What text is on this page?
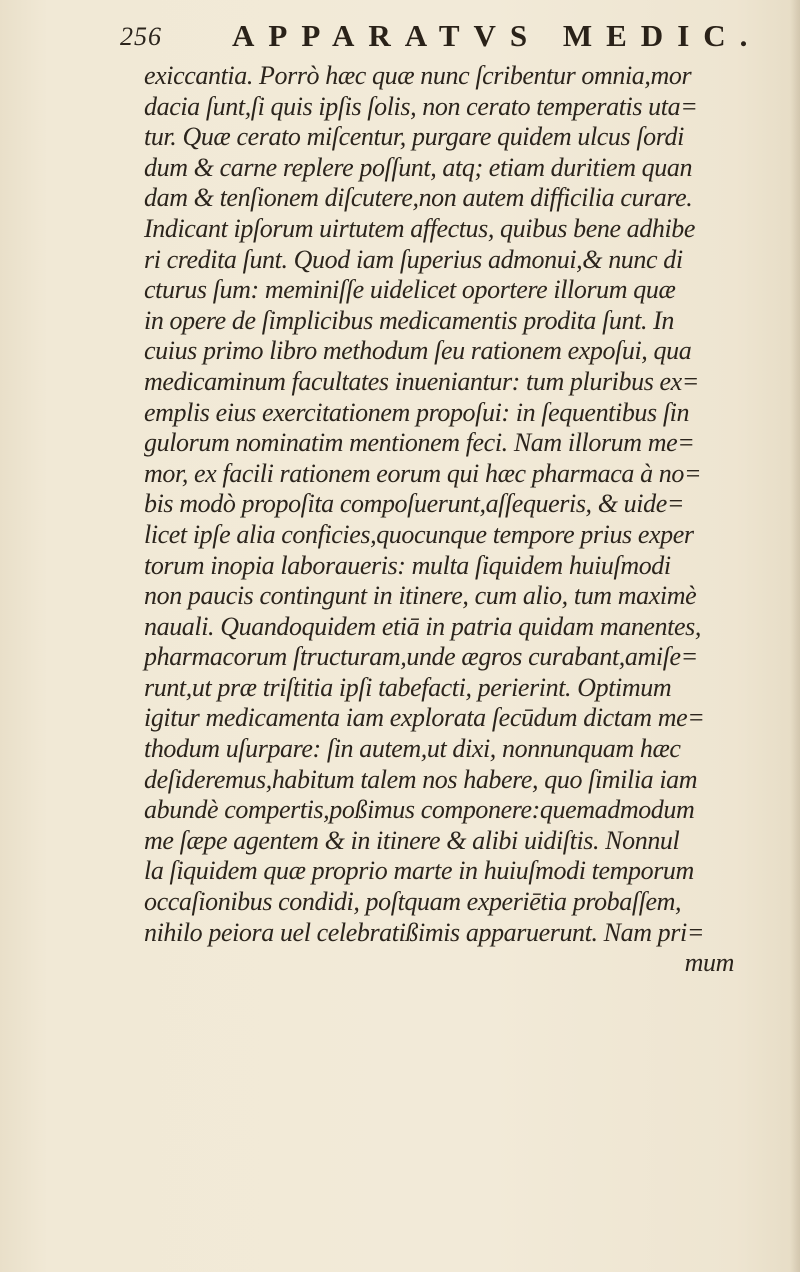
256 APPARATVS MEDIC.
exiccantia. Porrò hæc quæ nunc ſcribentur omnia,mor
dacia ſunt,ſi quis ipſis ſolis, non cerato temperatis uta=
tur. Quæ cerato miſcentur, purgare quidem ulcus ſordi
dum & carne replere poſſunt, atq; etiam duritiem quan
dam & tenſionem diſcutere,non autem difficilia curare.
Indicant ipſorum uirtutem affectus, quibus bene adhibe
ri credita ſunt. Quod iam ſuperius admonui,& nunc di
cturus ſum: meminiſſe uidelicet oportere illorum quæ
in opere de ſimplicibus medicamentis prodita ſunt. In
cuius primo libro methodum ſeu rationem expoſui, qua
medicaminum facultates inueniantur: tum pluribus ex=
emplis eius exercitationem propoſui: in ſequentibus ſin
gulorum nominatim mentionem feci. Nam illorum me=
mor, ex facili rationem eorum qui hæc pharmaca à no=
bis modò propoſita compoſuerunt,aſſequeris, & uide=
licet ipſe alia conficies,quocunque tempore prius exper
torum inopia laboraueris: multa ſiquidem huiuſmodi
non paucis contingunt in itinere, cum alio, tum maximè
nauali. Quandoquidem etiā in patria quidam manentes,
pharmacorum ſtructuram,unde ægros curabant,amiſe=
runt,ut præ triſtitia ipſi tabefacti, perierint. Optimum
igitur medicamenta iam explorata ſecūdum dictam me=
thodum uſurpare: ſin autem,ut dixi, nonnunquam hæc
deſideremus,habitum talem nos habere, quo ſimilia iam
abundè compertis,poßimus componere:quemadmodum
me ſæpe agentem & in itinere & alibi uidiſtis. Nonnul
la ſiquidem quæ proprio marte in huiuſmodi temporum
occaſionibus condidi, poſtquam experiētia probaſſem,
nihilo peiora uel celebratißimis apparuerunt. Nam pri=
mum
